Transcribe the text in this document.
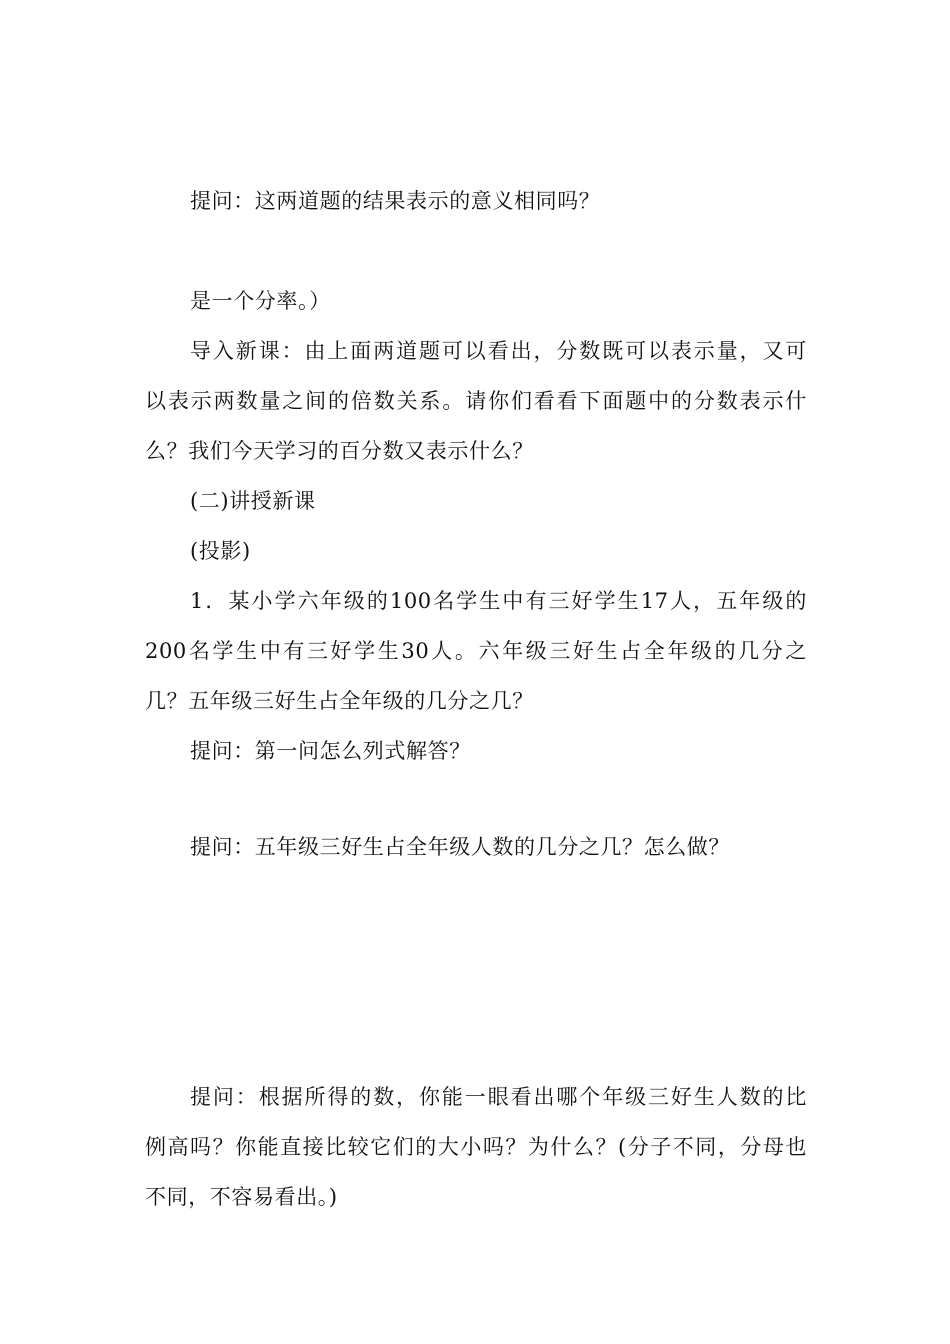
提问：这两道题的结果表示的意义相同吗？
是一个分率。）
导入新课：由上面两道题可以看出，分数既可以表示量，又可
以表示两数量之间的倍数关系。请你们看看下面题中的分数表示什
么？我们今天学习的百分数又表示什么？
(二)讲授新课
(投影)
1．某小学六年级的100名学生中有三好学生17人，五年级的
200名学生中有三好学生30人。六年级三好生占全年级的几分之
几？五年级三好生占全年级的几分之几？
提问：第一问怎么列式解答？
提问：五年级三好生占全年级人数的几分之几？怎么做？
提问：根据所得的数，你能一眼看出哪个年级三好生人数的比
例高吗？你能直接比较它们的大小吗？为什么？(分子不同，分母也
不同，不容易看出。)
